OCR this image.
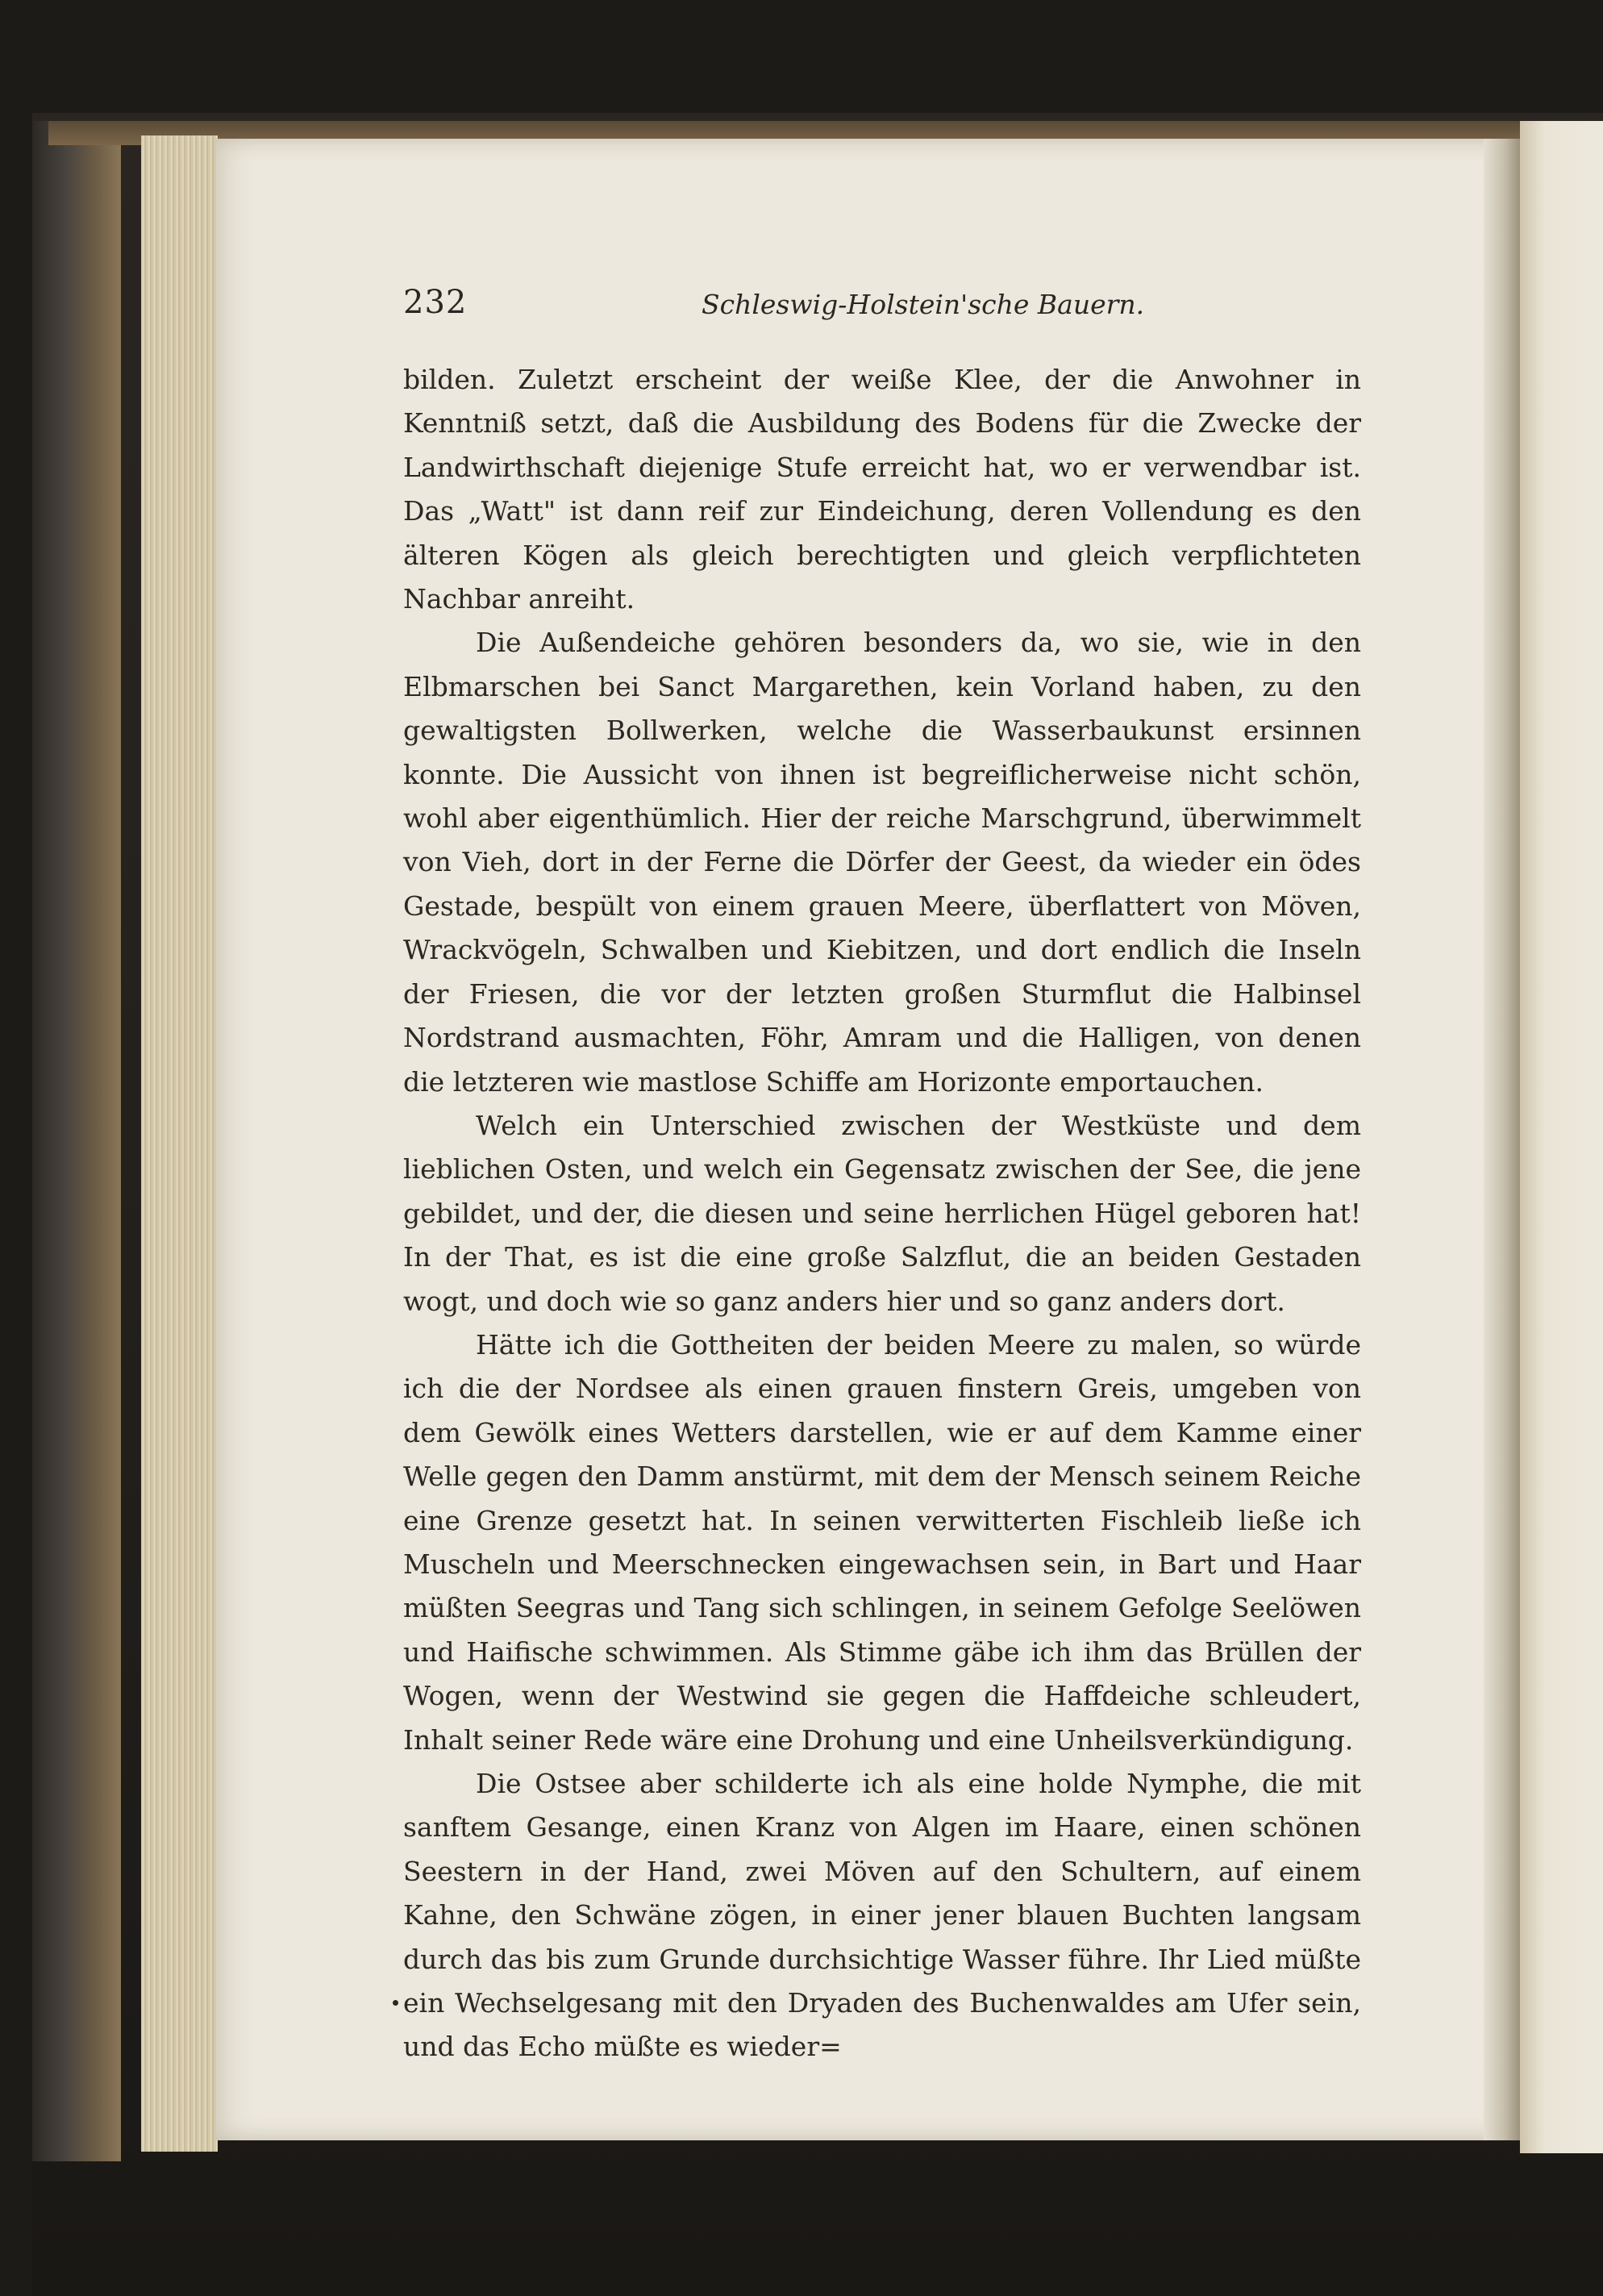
232	Schleswig-Holstein'sche Bauern.

bilden. Zuletzt erscheint der weiße Klee, der die Anwohner in Kenntniß setzt, daß die Ausbildung des Bodens für die Zwecke der Landwirthschaft diejenige Stufe erreicht hat, wo er verwendbar ist. Das „Watt" ist dann reif zur Eindeichung, deren Vollendung es den älteren Kögen als gleich berechtigten und gleich verpflichteten Nachbar anreiht.

Die Außendeiche gehören besonders da, wo sie, wie in den Elbmarschen bei Sanct Margarethen, kein Vorland haben, zu den gewaltigsten Bollwerken, welche die Wasserbaukunst ersinnen konnte. Die Aussicht von ihnen ist begreiflicherweise nicht schön, wohl aber eigenthümlich. Hier der reiche Marschgrund, überwimmelt von Vieh, dort in der Ferne die Dörfer der Geest, da wieder ein ödes Gestade, bespült von einem grauen Meere, überflattert von Möven, Wrackvögeln, Schwalben und Kiebitzen, und dort endlich die Inseln der Friesen, die vor der letzten großen Sturmflut die Halbinsel Nordstrand ausmachten, Föhr, Amram und die Halligen, von denen die letzteren wie mastlose Schiffe am Horizonte emportauchen.

Welch ein Unterschied zwischen der Westküste und dem lieblichen Osten, und welch ein Gegensatz zwischen der See, die jene gebildet, und der, die diesen und seine herrlichen Hügel geboren hat! In der That, es ist die eine große Salzflut, die an beiden Gestaden wogt, und doch wie so ganz anders hier und so ganz anders dort.

Hätte ich die Gottheiten der beiden Meere zu malen, so würde ich die der Nordsee als einen grauen finstern Greis, umgeben von dem Gewölk eines Wetters darstellen, wie er auf dem Kamme einer Welle gegen den Damm anstürmt, mit dem der Mensch seinem Reiche eine Grenze gesetzt hat. In seinen verwitterten Fischleib ließe ich Muscheln und Meerschnecken eingewachsen sein, in Bart und Haar müßten Seegras und Tang sich schlingen, in seinem Gefolge Seelöwen und Haifische schwimmen. Als Stimme gäbe ich ihm das Brüllen der Wogen, wenn der Westwind sie gegen die Haffdeiche schleudert, Inhalt seiner Rede wäre eine Drohung und eine Unheilsverkündigung.

Die Ostsee aber schilderte ich als eine holde Nymphe, die mit sanftem Gesange, einen Kranz von Algen im Haare, einen schönen Seestern in der Hand, zwei Möven auf den Schultern, auf einem Kahne, den Schwäne zögen, in einer jener blauen Buchten langsam durch das bis zum Grunde durchsichtige Wasser führe. Ihr Lied müßte ein Wechselgesang mit den Dryaden des Buchenwaldes am Ufer sein, und das Echo müßte es wieder=
